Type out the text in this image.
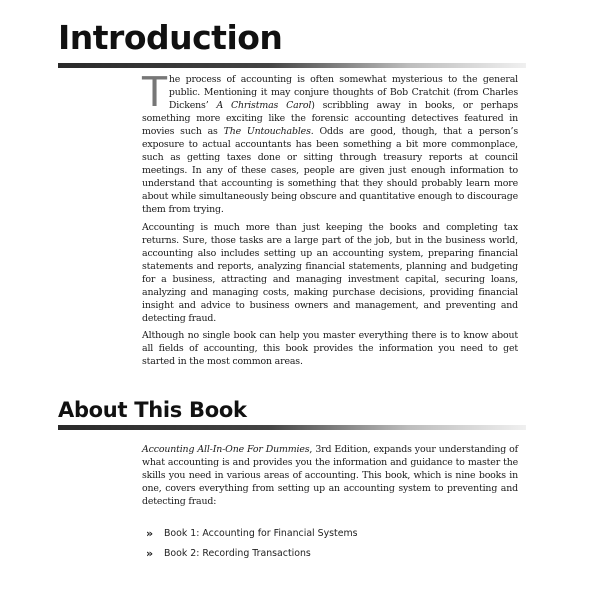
Introduction
T he process of accounting is often somewhat mysterious to the general public. Mentioning it may conjure thoughts of Bob Cratchit (from Charles Dickens’ A Christmas Carol) scribbling away in books, or perhaps something more exciting like the forensic accounting detectives featured in movies such as The Untouchables. Odds are good, though, that a person’s exposure to actual accountants has been something a bit more commonplace, such as getting taxes done or sitting through treasury reports at council meetings. In any of these cases, people are given just enough information to understand that accounting is something that they should probably learn more about while simultaneously being obscure and quantitative enough to discourage them from trying.
Accounting is much more than just keeping the books and completing tax returns. Sure, those tasks are a large part of the job, but in the business world, accounting also includes setting up an accounting system, preparing financial statements and reports, analyzing financial statements, planning and budgeting for a business, attracting and managing investment capital, securing loans, analyzing and managing costs, making purchase decisions, providing financial insight and advice to business owners and management, and preventing and detecting fraud.
Although no single book can help you master everything there is to know about all fields of accounting, this book provides the information you need to get started in the most common areas.
About This Book
Accounting All-In-One For Dummies, 3rd Edition, expands your understanding of what accounting is and provides you the information and guidance to master the skills you need in various areas of accounting. This book, which is nine books in one, covers everything from setting up an accounting system to preventing and detecting fraud:
»	Book 1: Accounting for Financial Systems
»	Book 2: Recording Transactions
